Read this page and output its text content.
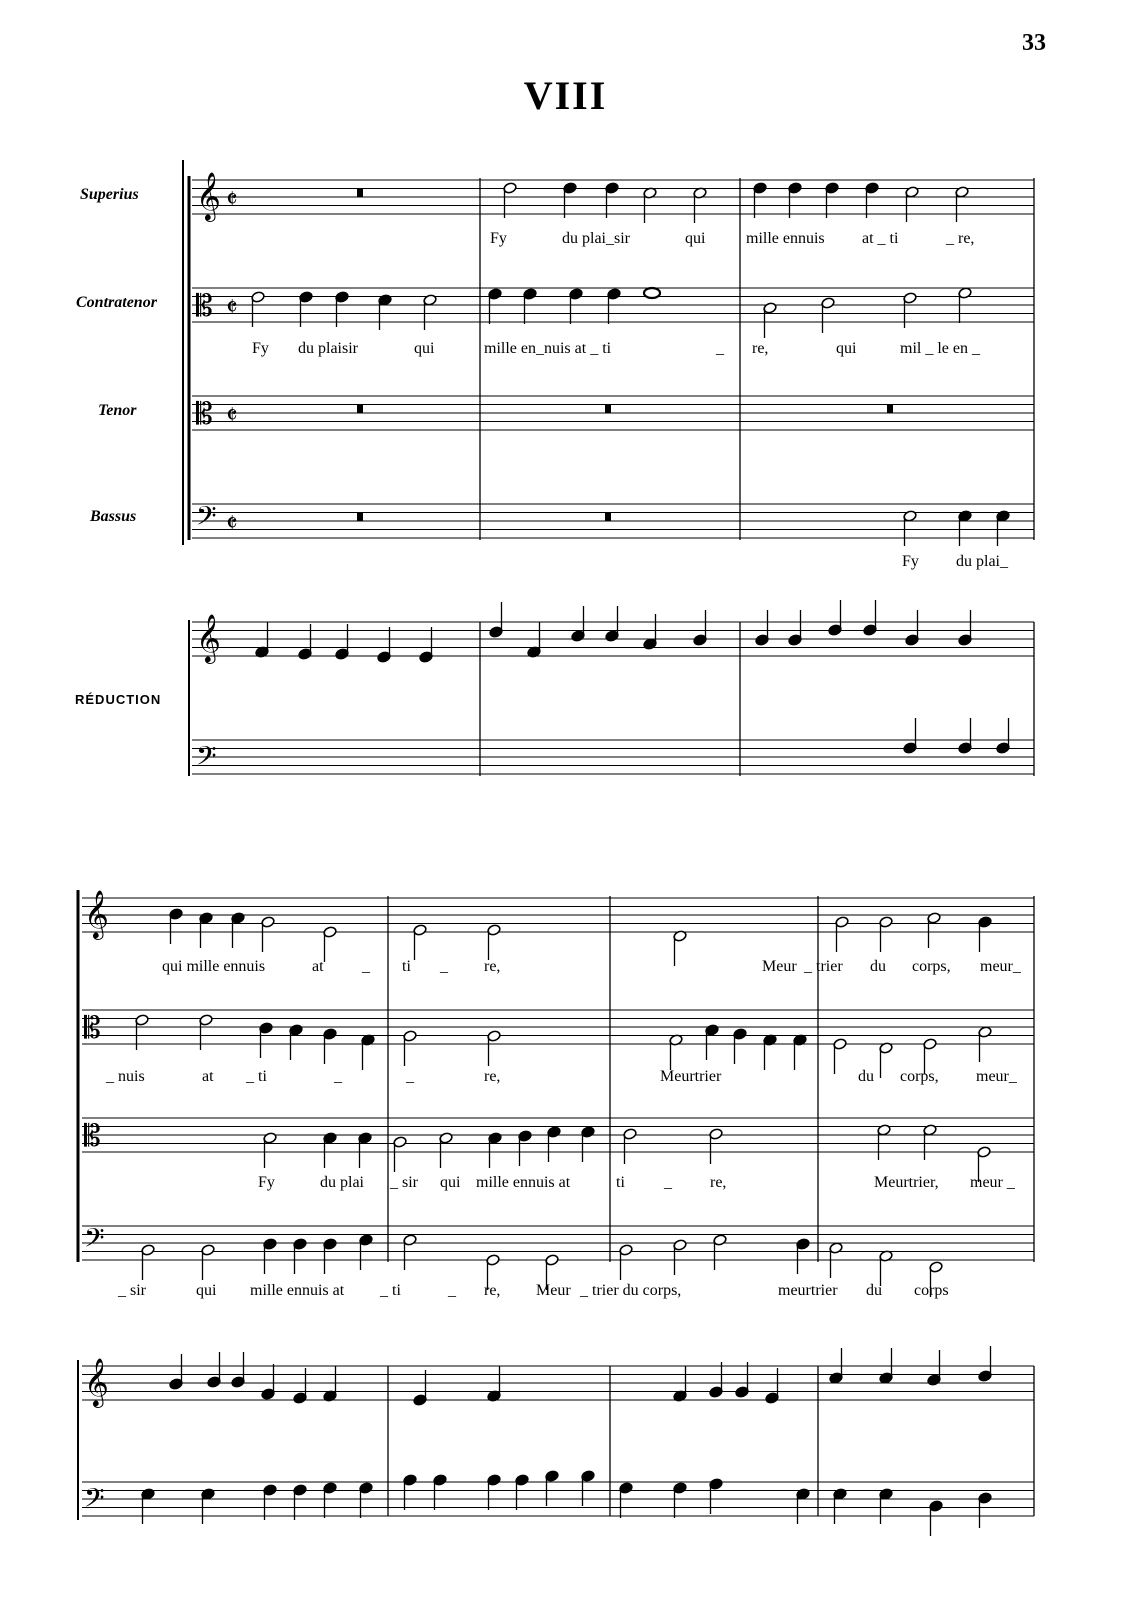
33
VIII
Superius
Contratenor
Tenor
Bassus
RÉDUCTION
Fy	du plai_sir	qui	mille ennuis at _ ti	_ re,
Fy du plaisir	qui	mille en_nuis at _ ti	_ re,	qui	mil _ le en _
Fy du plai_
qui mille ennuis	at _ ti _ re,	Meur _ trier du corps, meur_
_ nuis	at _ ti	_	_	re,	Meurtrier	du corps, meur_
Fy	du plai _ sir qui mille ennuis at	ti _ re,	Meurtrier, meur _
_ sir	qui mille ennuis at _ ti	_ re, Meur _ trier du corps,	meurtrier du corps
𝄞
𝄡
𝄡
𝄢
𝄵
𝄵
𝄵
𝄵
𝄞
𝄢
𝄞
𝄡
𝄡
𝄢
𝄞
𝄢
